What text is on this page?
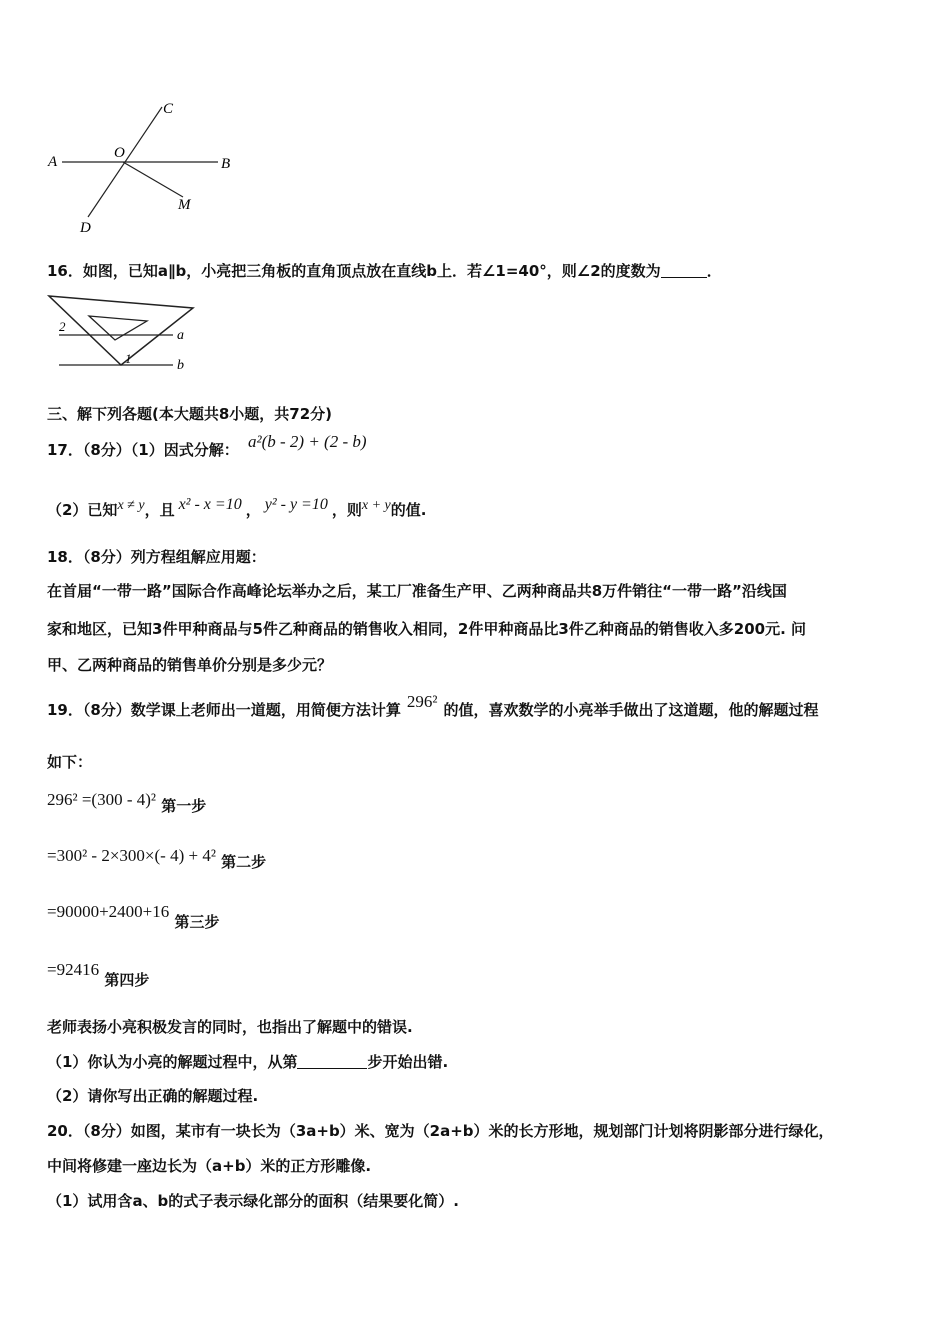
A	B
C
D
O
M
16．如图，已知a∥b，小亮把三角板的直角顶点放在直线b上．若∠1=40°，则∠2的度数为	．
2
1
a
b
三、解下列各题(本大题共8小题，共72分)
17．（8分）（1）因式分解： a²(b - 2) + (2 - b)
（2）已知x ≠ y，且 x² - x =10 ， y² - y =10 ，则x + y的值.
18．（8分）列方程组解应用题：
在首届“一带一路”国际合作高峰论坛举办之后，某工厂准备生产甲、乙两种商品共8万件销往“一带一路”沿线国
家和地区，已知3件甲种商品与5件乙种商品的销售收入相同，2件甲种商品比3件乙种商品的销售收入多200元. 问
甲、乙两种商品的销售单价分别是多少元？
19．（8分）数学课上老师出一道题，用简便方法计算 296² 的值，喜欢数学的小亮举手做出了这道题，他的解题过程
如下：
296² =(300 - 4)² 第一步
=300² - 2×300×(- 4) + 4² 第二步
=90000+2400+16 第三步
=92416 第四步
老师表扬小亮积极发言的同时，也指出了解题中的错误.
（1）你认为小亮的解题过程中，从第	步开始出错.
（2）请你写出正确的解题过程.
20．（8分）如图，某市有一块长为（3a+b）米、宽为（2a+b）米的长方形地，规划部门计划将阴影部分进行绿化，
中间将修建一座边长为（a+b）米的正方形雕像.
（1）试用含a、b的式子表示绿化部分的面积（结果要化简）.
